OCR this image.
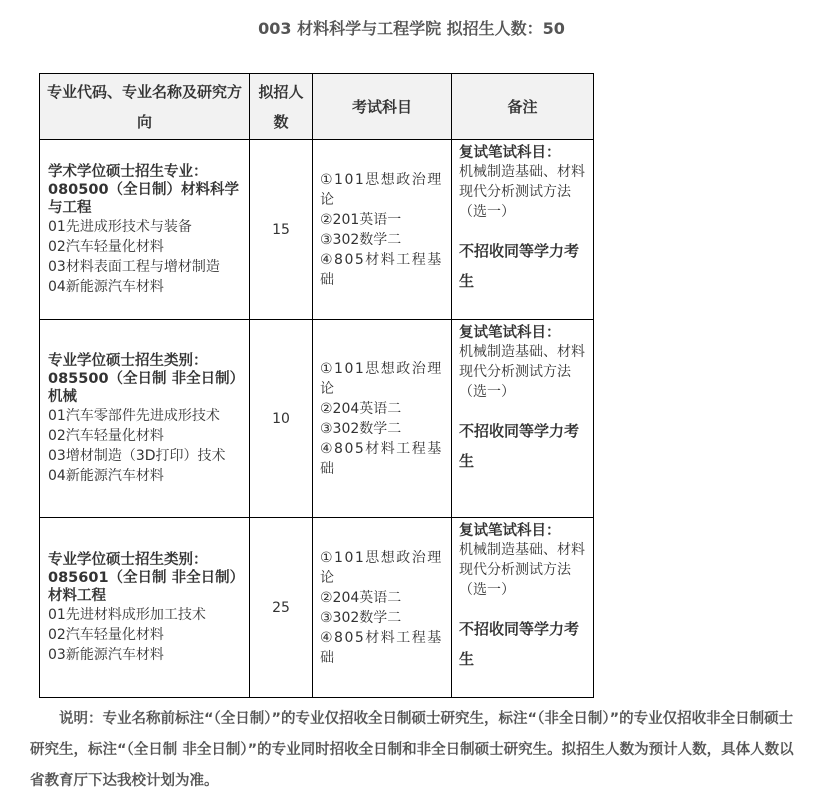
003 材料科学与工程学院 拟招生人数：50
专业代码、专业名称及研究方向	拟招人数	考试科目	备注

学术学位硕士招生专业：080500（全日制）材料科学与工程
01先进成形技术与装备
02汽车轻量化材料
03材料表面工程与增材制造
04新能源汽车材料	15	①101思想政治理论
②201英语一
③302数学二
④805材料工程基础	复试笔试科目：
机械制造基础、材料现代分析测试方法（选一）
不招收同等学力考生

专业学位硕士招生类别：085500（全日制 非全日制）机械
01汽车零部件先进成形技术
02汽车轻量化材料
03增材制造（3D打印）技术
04新能源汽车材料	10	①101思想政治理论
②204英语二
③302数学二
④805材料工程基础	复试笔试科目：
机械制造基础、材料现代分析测试方法（选一）
不招收同等学力考生

专业学位硕士招生类别：085601（全日制 非全日制）材料工程
01先进材料成形加工技术
02汽车轻量化材料
03新能源汽车材料	25	①101思想政治理论
②204英语二
③302数学二
④805材料工程基础	复试笔试科目：
机械制造基础、材料现代分析测试方法（选一）
不招收同等学力考生
说明：专业名称前标注“（全日制）”的专业仅招收全日制硕士研究生，标注“（非全日制）”的专业仅招收非全日制硕士研究生，标注“（全日制 非全日制）”的专业同时招收全日制和非全日制硕士研究生。拟招生人数为预计人数，具体人数以省教育厅下达我校计划为准。
